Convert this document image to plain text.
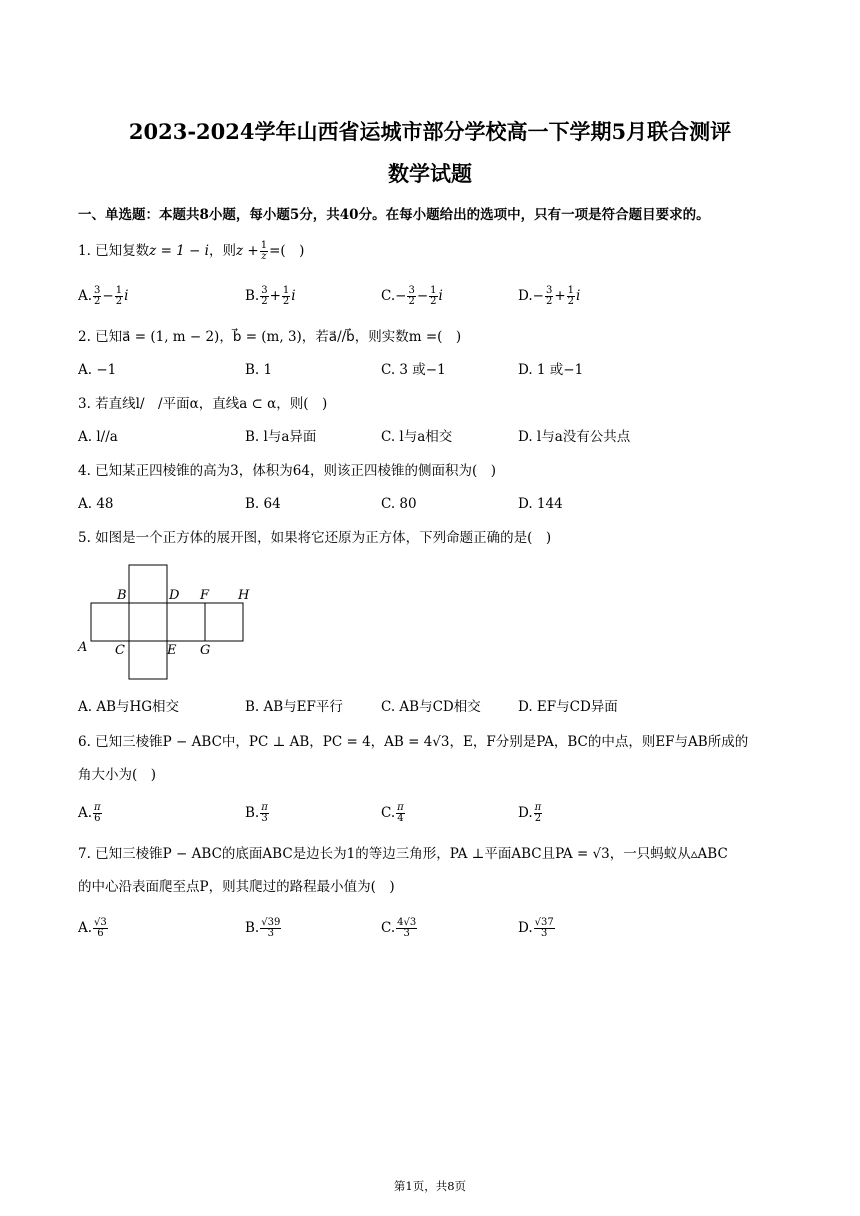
2023-2024学年山西省运城市部分学校高一下学期5月联合测评
数学试题
一、单选题：本题共8小题，每小题5分，共40分。在每小题给出的选项中，只有一项是符合题目要求的。
1. 已知复数z = 1 − i，则$z + \frac{1}{z}$ =(　)
A. $\frac{3}{2} - \frac{1}{2}$ i	B. $\frac{3}{2} + \frac{1}{2}$ i	$C.- \frac{3}{2} - \frac{1}{2}$ i	$D.- \frac{3}{2} + \frac{1}{2}$ i
2. 已知a⃗ = (1, m − 2)，b⃗ = (m, 3)，若a⃗//b⃗，则实数m =(　)
A. −1	B. 1	C. 3 或−1	D. 1 或−1
3. 若直线l/　/平面α，直线a ⊂ α，则(　)
A. l//a	B. l与a异面	C. l与a相交	D. l与a没有公共点
4. 已知某正四棱锥的高为3，体积为64，则该正四棱锥的侧面积为(　)
A. 48	B. 64	C. 80	D. 144
5. 如图是一个正方体的展开图，如果将它还原为正方体，下列命题正确的是(　)
A
B
C
D
E
F
G
H
A. AB与HG相交	B. AB与EF平行	C. AB与CD相交	D. EF与CD异面
6. 已知三棱锥P − ABC中，PC ⊥ AB，PC = 4，AB = 4√3，E，F分别是PA，BC的中点，则EF与AB所成的
角大小为(　)
A. $\frac{\pi}{6}$	B. $\frac{\pi}{3}$	C. $\frac{\pi}{4}$	D. $\frac{\pi}{2}$
7. 已知三棱锥P − ABC的底面ABC是边长为1的等边三角形，PA ⊥平面ABC且PA = √3，一只蚂蚁从▵ABC
的中心沿表面爬至点P，则其爬过的路程最小值为(　)
A. $\frac{√3}{6}$	B. $\frac{√39}{3}$	C. $\frac{4√3}{3}$	D. $\frac{√37}{3}$
第1页，共8页
